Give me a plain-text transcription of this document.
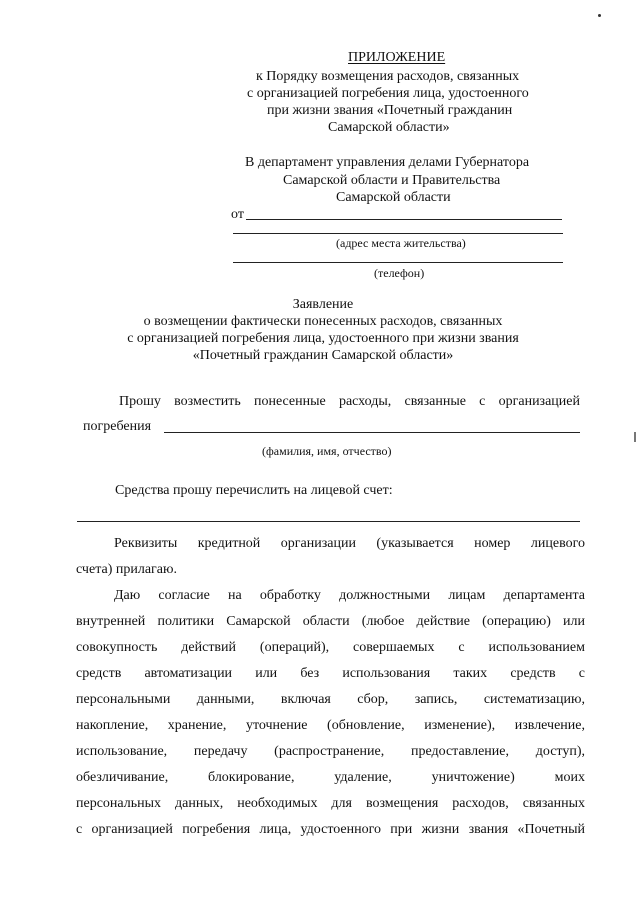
ПРИЛОЖЕНИЕ
к Порядку возмещения расходов, связанных
с организацией погребения лица, удостоенного
при жизни звания «Почетный гражданин
Самарской области»
В департамент управления делами Губернатора
Самарской области и Правительства
Самарской области
от
(адрес места жительства)
(телефон)
Заявление
о возмещении фактически понесенных расходов, связанных
с организацией погребения лица, удостоенного при жизни звания
«Почетный гражданин Самарской области»
Прошу возместить понесенные расходы, связанные с организацией
погребения
(фамилия, имя, отчество)
Средства прошу перечислить на лицевой счет:
Реквизиты кредитной организации (указывается номер лицевого
счета) прилагаю.
Даю согласие на обработку должностными лицам департамента
внутренней политики Самарской области (любое действие (операцию) или
совокупность действий (операций), совершаемых с использованием
средств автоматизации или без использования таких средств с
персональными данными, включая сбор, запись, систематизацию,
накопление, хранение, уточнение (обновление, изменение), извлечение,
использование, передачу (распространение, предоставление, доступ),
обезличивание, блокирование, удаление, уничтожение) моих
персональных данных, необходимых для возмещения расходов, связанных
с организацией погребения лица, удостоенного при жизни звания «Почетный
